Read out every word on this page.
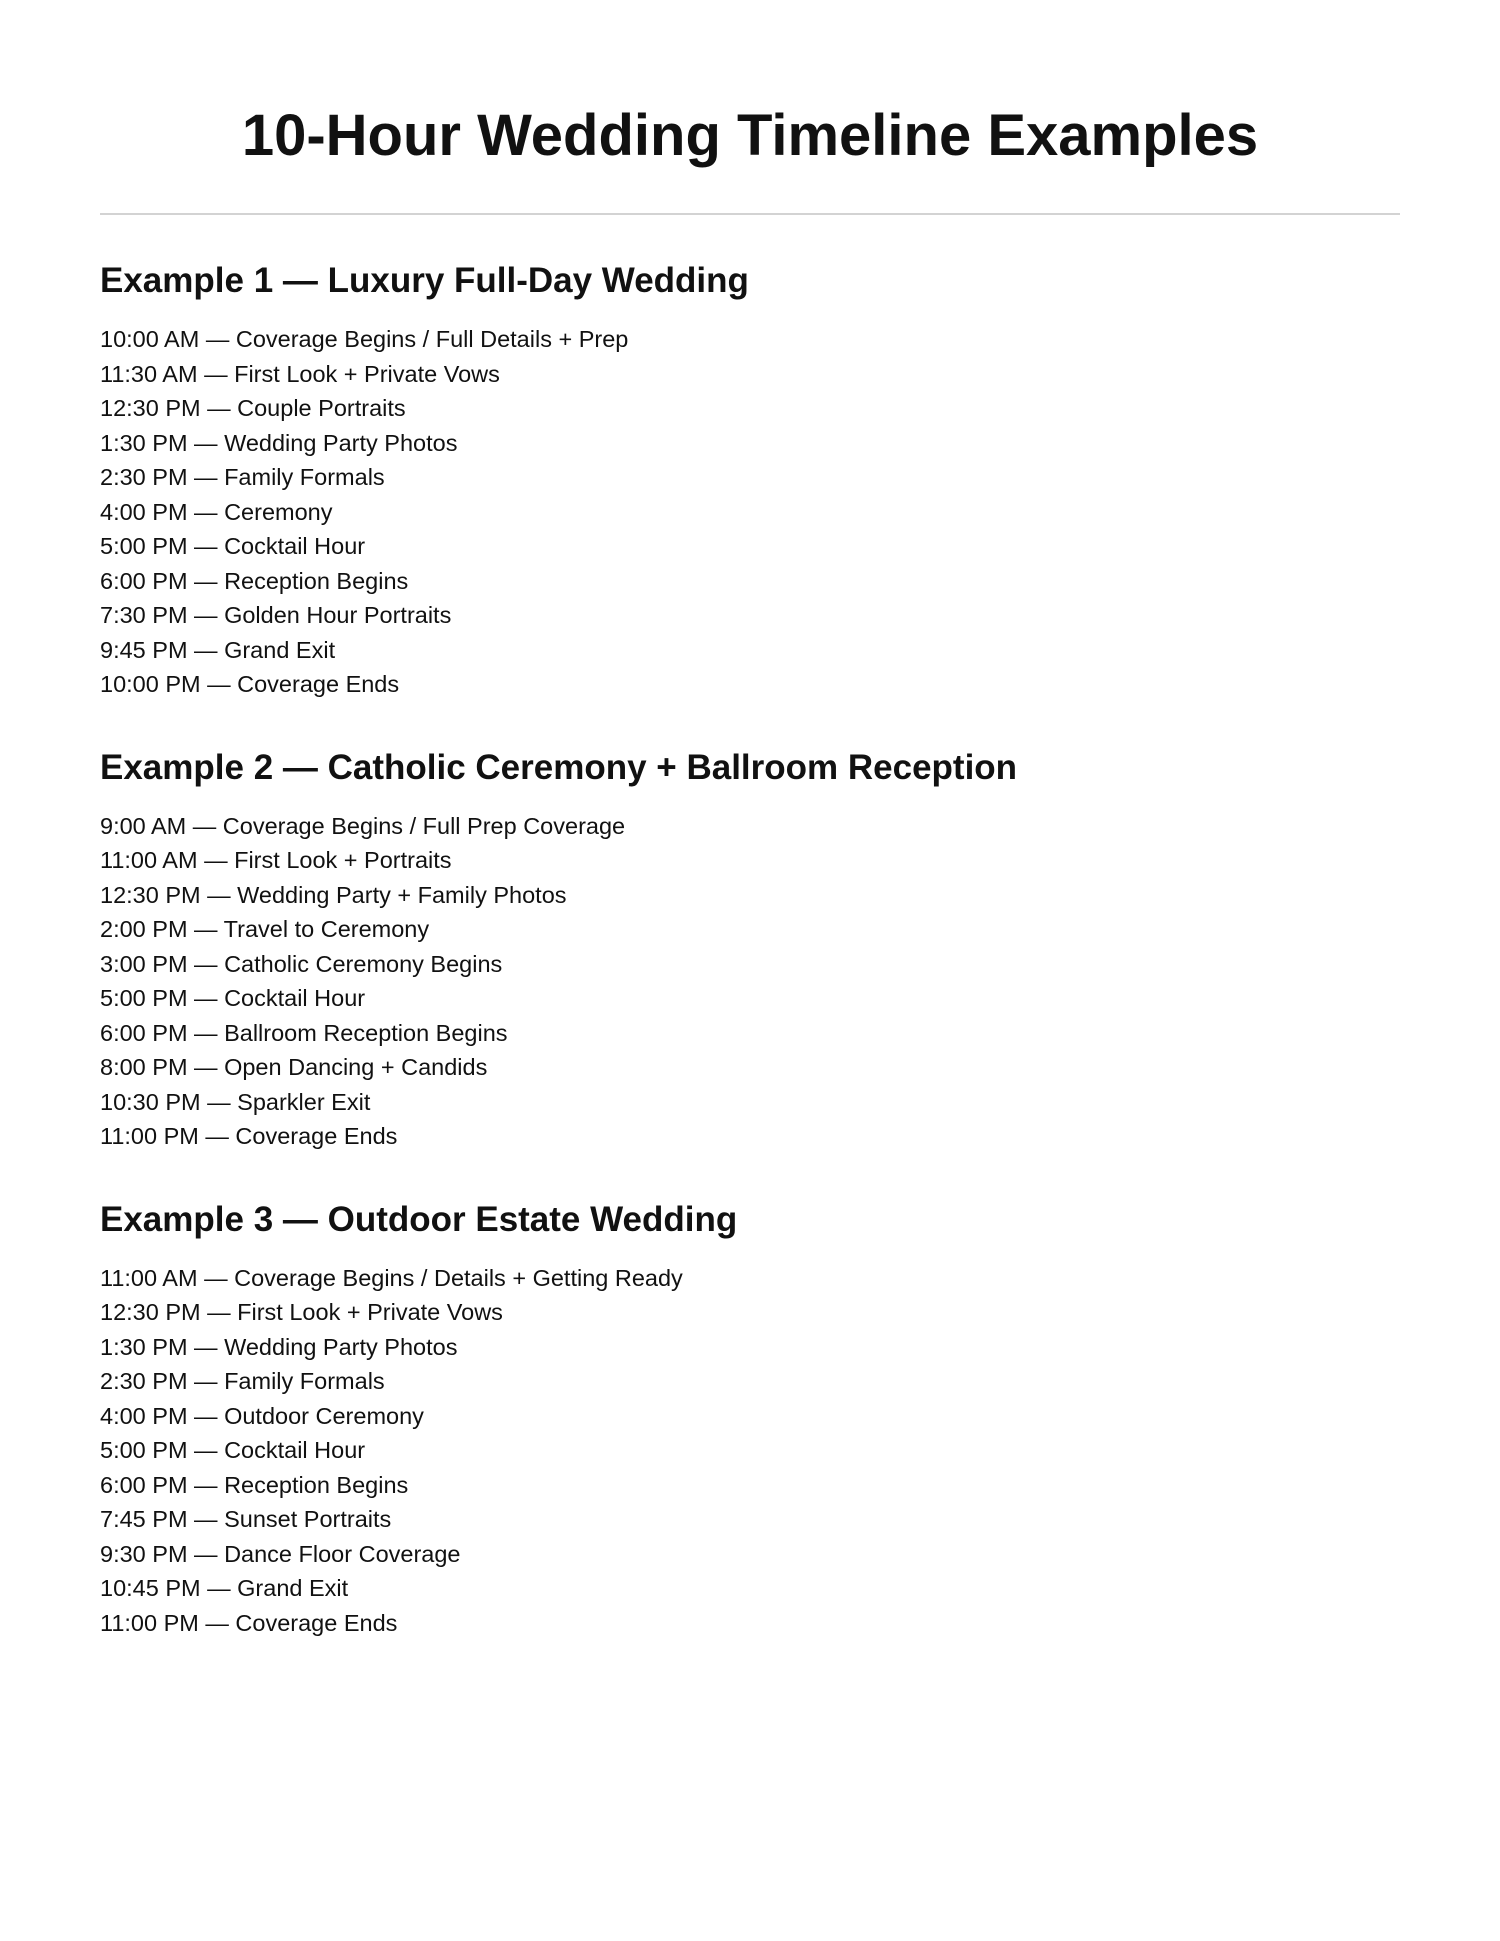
10-Hour Wedding Timeline Examples
Example 1 — Luxury Full-Day Wedding
10:00 AM — Coverage Begins / Full Details + Prep
11:30 AM — First Look + Private Vows
12:30 PM — Couple Portraits
1:30 PM — Wedding Party Photos
2:30 PM — Family Formals
4:00 PM — Ceremony
5:00 PM — Cocktail Hour
6:00 PM — Reception Begins
7:30 PM — Golden Hour Portraits
9:45 PM — Grand Exit
10:00 PM — Coverage Ends
Example 2 — Catholic Ceremony + Ballroom Reception
9:00 AM — Coverage Begins / Full Prep Coverage
11:00 AM — First Look + Portraits
12:30 PM — Wedding Party + Family Photos
2:00 PM — Travel to Ceremony
3:00 PM — Catholic Ceremony Begins
5:00 PM — Cocktail Hour
6:00 PM — Ballroom Reception Begins
8:00 PM — Open Dancing + Candids
10:30 PM — Sparkler Exit
11:00 PM — Coverage Ends
Example 3 — Outdoor Estate Wedding
11:00 AM — Coverage Begins / Details + Getting Ready
12:30 PM — First Look + Private Vows
1:30 PM — Wedding Party Photos
2:30 PM — Family Formals
4:00 PM — Outdoor Ceremony
5:00 PM — Cocktail Hour
6:00 PM — Reception Begins
7:45 PM — Sunset Portraits
9:30 PM — Dance Floor Coverage
10:45 PM — Grand Exit
11:00 PM — Coverage Ends
